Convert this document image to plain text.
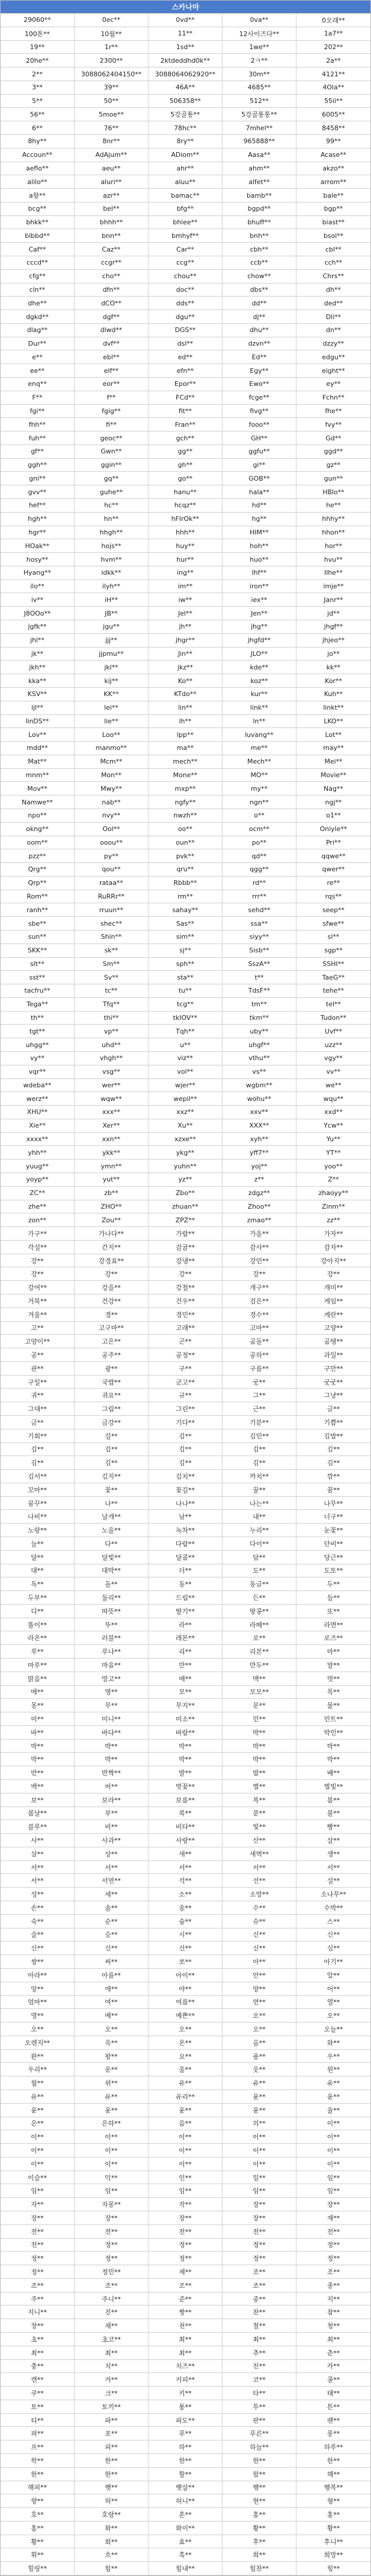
스카나마
29060**	0ec**	0vd**	0va**	0오래**
100톤**	10월**	11**	12사이즈다**	1a7**
19**	1r**	1sd**	1we**	202**
20he**	2300**	2ktdeddhd0k**	2ㅋ**	2a**
2**	3088062404150**	3088064062920**	30m**	4121**
3**	39**	46A**	4685**	4Ola**
5**	50**	506358**	512**	55ii**
56**	5moe**	5강골통**	5강골통통**	6005**
6**	76**	78hc**	7mhel**	8458**
8hy**	8nr**	8ry**	965888**	99**
Accoun**	AdAjum**	ADiom**	Aasa**	Acase**
aeflo**	aeu**	ahr**	ahm**	akzo**
alilo**	aluri**	aluu**	alfet**	arrom**
a항**	azr**	bamac**	bamb**	bale**
bcg**	bel**	bfg**	bgpd**	bgp**
bhkk**	bhhh**	bhiee**	bhuff**	biast**
blbbd**	bnn**	bmhyf**	bnh**	bsol**
Caf**	Caz**	Car**	cbh**	cbl**
cccd**	ccgr**	ccg**	ccb**	cch**
cfg**	cho**	chou**	chow**	Chrs**
cln**	dfn**	doc**	dbs**	dh**
dhe**	dCO**	dds**	dd**	ded**
dgkd**	dgf**	dgu**	dj**	Dli**
dlag**	dlwd**	DGS**	dhu**	dn**
Dur**	dvf**	dsl**	dzvn**	dzzy**
e**	ebl**	ed**	Ed**	edgu**
ee**	elf**	efn**	Egy**	eight**
enq**	eor**	Epor**	Ewo**	ey**
F**	f**	FCd**	fcge**	Fchn**
fgi**	fgig**	fit**	fivg**	fhe**
fhh**	fi**	Fran**	fooo**	fvy**
fuh**	geoc**	gch**	GH**	Gd**
gf**	Gwn**	gg**	ggfu**	ggd**
ggh**	ggin**	gh**	gi**	gz**
gni**	gq**	go**	GOB**	gun**
gvv**	guhe**	hanu**	hala**	HBlo**
hef**	hc**	hcqz**	hd**	he**
hgh**	hn**	hFIrOk**	hg**	hhhy**
hgr**	hhgh**	hhh**	HIM**	hhon**
HOak**	hojs**	huy**	hoh**	hor**
hosy**	hvm**	hur**	huo**	hvu**
Hyang**	idkk**	ing**	Ihf**	Ilhe**
ilo**	ilyh**	im**	iron**	imje**
iv**	iH**	iw**	iex**	Janr**
J8OOo**	JB**	Jel**	Jen**	jd**
jgfk**	jgu**	jh**	jhg**	jhgf**
jhl**	jjj**	jhgr**	jhgfd**	jhjeo**
jk**	jjpmu**	Jin**	JLO**	jo**
jkh**	jkl**	jkz**	kde**	kk**
kka**	kij**	Ko**	koz**	Kor**
KSV**	KK**	KTdo**	kur**	Kuh**
ljl**	lei**	lin**	link**	linkt**
linDS**	lie**	lh**	ln**	LKO**
Lov**	Loo**	lpp**	luvang**	Lot**
mdd**	manmo**	ma**	me**	may**
Mat**	Mcm**	mech**	Mech**	Mei**
mnm**	Mon**	Mone**	MO**	Movie**
Mov**	Mwy**	mxp**	my**	Nag**
Namwe**	nab**	ngfy**	ngn**	ngj**
npo**	nvy**	nwzh**	o**	o1**
okng**	Ool**	oo**	ocm**	Oniyle**
oom**	ooou**	oun**	po**	Pri**
pzz**	py**	pvk**	qd**	qqwe**
Qrg**	qou**	qru**	qgg**	qwer**
Qrp**	rataa**	Rbbb**	rd**	re**
Rom**	RuRRr**	rm**	rrr**	rqs**
ranh**	rruun**	sahay**	sehd**	seep**
sbe**	shec**	Sas**	ssa**	sfwe**
sun**	Shin**	sim**	siyy**	sl**
SKK**	sk**	sj**	Sisb**	sgp**
slt**	Sm**	sph**	SszA**	SSHI**
sst**	Sv**	sta**	t**	TaeG**
tacfru**	tc**	tu**	TdsF**	tehe**
Tega**	Tfq**	tcg**	tm**	tel**
th**	thi**	tkIOV**	tkm**	Tudon**
tgt**	vp**	Tqh**	uby**	Uvf**
uhgg**	uhd**	u**	uhgf**	uzz**
vy**	vhgh**	viz**	vthu**	vgy**
vqr**	vsg**	vol**	vs**	vv**
wdeba**	wer**	wjer**	wgbm**	we**
werz**	wqw**	wepil**	wohu**	wqu**
XHU**	xxx**	xxz**	xxv**	xxd**
Xie**	Xer**	Xu**	XXX**	Ycw**
xxxx**	xxn**	xzxe**	xyh**	Yu**
yhh**	ykk**	ykg**	yff7**	YT**
yuug**	ymn**	yuhn**	yoj**	yoo**
yoyp**	yut**	yz**	z**	Z**
ZC**	zb**	Zbo**	zdgz**	zhaoyy**
zhe**	ZHO**	zhuan**	Zhoo**	Zinm**
zon**	Zou**	ZPZ**	zmao**	zz**
가구**	가나다**	가람**	가을**	가자**
각설**	간지**	감귤**	감사**	감자**
강**	강경표**	강냉**	강민**	강아지**
강**	강**	강**	강**	강**
강여**	강을**	강철**	개구**	개미**
거북**	건강**	건우**	검은**	게임**
겨울**	경**	경민**	경수**	계란**
고**	고구마**	고래**	고마**	고양**
고양이**	고은**	곤**	곰돌**	곰탱**
공**	공주**	공정**	공하**	과일**
관**	광**	구**	구름**	구만**
구일**	국밥**	군고**	굿**	굿굿**
귀**	귀요**	규**	그**	그냥**
그대**	그림**	그린**	근**	글**
금**	금강**	기다**	기분**	기쁨**
기회**	길**	김**	김민**	김밥**
김**	김**	김**	김**	김**
김**	김**	김**	김**	김**
김서**	김지**	김치**	까치**	깜**
꼬마**	꽃**	꽃길**	꿀**	꿈**
꿈꾸**	나**	나나**	나는**	나무**
나비**	날개**	남**	내**	너구**
노랑**	노을**	녹차**	누리**	눈꽃**
늘**	다**	다람**	다이**	단비**
달**	달빛**	달콤**	담**	당근**
대**	대박**	더**	도**	도토**
독**	돌**	동**	동글**	두**
두부**	둘리**	드림**	든**	들**
디**	따뜻**	딸기**	땅콩**	또**
똘이**	뚜**	라**	라떼**	라면**
라온**	러블**	레몬**	로**	로즈**
루**	루나**	리**	리본**	마**
마루**	마음**	만**	만두**	말**
맑음**	망고**	매**	맥**	멋**
메**	명**	모**	모모**	목**
몽**	무**	무지**	문**	물**
미**	미니**	미소**	민**	민트**
바**	바다**	바람**	박**	박민**
박**	박**	박**	박**	박**
박**	박**	박**	박**	박**
반**	반짝**	발**	밤**	배**
백**	버**	벚꽃**	별**	별빛**
보**	보라**	보름**	복**	봄**
봄날**	부**	북**	분**	불**
블루**	비**	비타**	빛**	빵**
사**	사과**	사랑**	산**	살**
삼**	상**	새**	새벽**	생**
서**	서**	서**	서**	서**
서**	서연**	석**	선**	설**
성**	세**	소**	소망**	소나무**
손**	솔**	송**	수**	수박**
숙**	순**	숲**	슈**	스**
슬**	승**	시**	신**	신**
신**	신**	신**	신**	심**
쌍**	써**	쏘**	아**	아기**
아라**	아름**	아이**	안**	알**
앙**	애**	야**	양**	어**
엄마**	여**	여름**	연**	열**
영**	예**	예쁜**	오**	오**
오**	오**	오**	오**	오늘**
오렌지**	옥**	온**	올**	와**
완**	왕**	요**	용**	우**
우리**	운**	울**	웃**	원**
월**	위**	유**	유**	유**
유**	유**	유리**	윤**	윤**
윤**	윤**	윤**	윤**	율**
은**	은하**	음**	의**	이**
이**	이**	이**	이**	이**
이**	이**	이**	이**	이**
이**	이**	이**	이**	이**
이슬**	익**	인**	일**	임**
임**	임**	임**	임**	임**
자**	자몽**	작**	장**	장**
장**	장**	장**	장**	재**
전**	전**	전**	전**	전**
전**	정**	정**	정**	정**
정**	정**	정**	정**	정**
정**	정민**	제**	조**	조**
조**	조**	조**	조**	종**
주**	주니**	준**	중**	지**
지니**	진**	짱**	찬**	참**
창**	채**	천**	철**	청**
초**	초코**	최**	최**	최**
최**	최**	최**	추**	춘**
충**	치**	치즈**	친**	카**
캔**	커**	커피**	코**	콩**
쿠**	크**	키**	타**	태**
토**	토끼**	통**	투**	튼**
티**	파**	파도**	판**	팬**
퍼**	포**	푸**	푸른**	풍**
프**	피**	하**	하늘**	하루**
학**	한**	한**	한**	한**
한**	한**	할**	함**	해**
해피**	햇**	햇살**	행**	행복**
향**	허**	허니**	현**	형**
호**	호랑**	혼**	홍**	홍**
홍**	화**	화이**	황**	황**
황**	회**	효**	후**	후니**
휘**	흐**	흑**	희**	희망**
힐링**	힘**	힘내**	힘찬**	힝**
